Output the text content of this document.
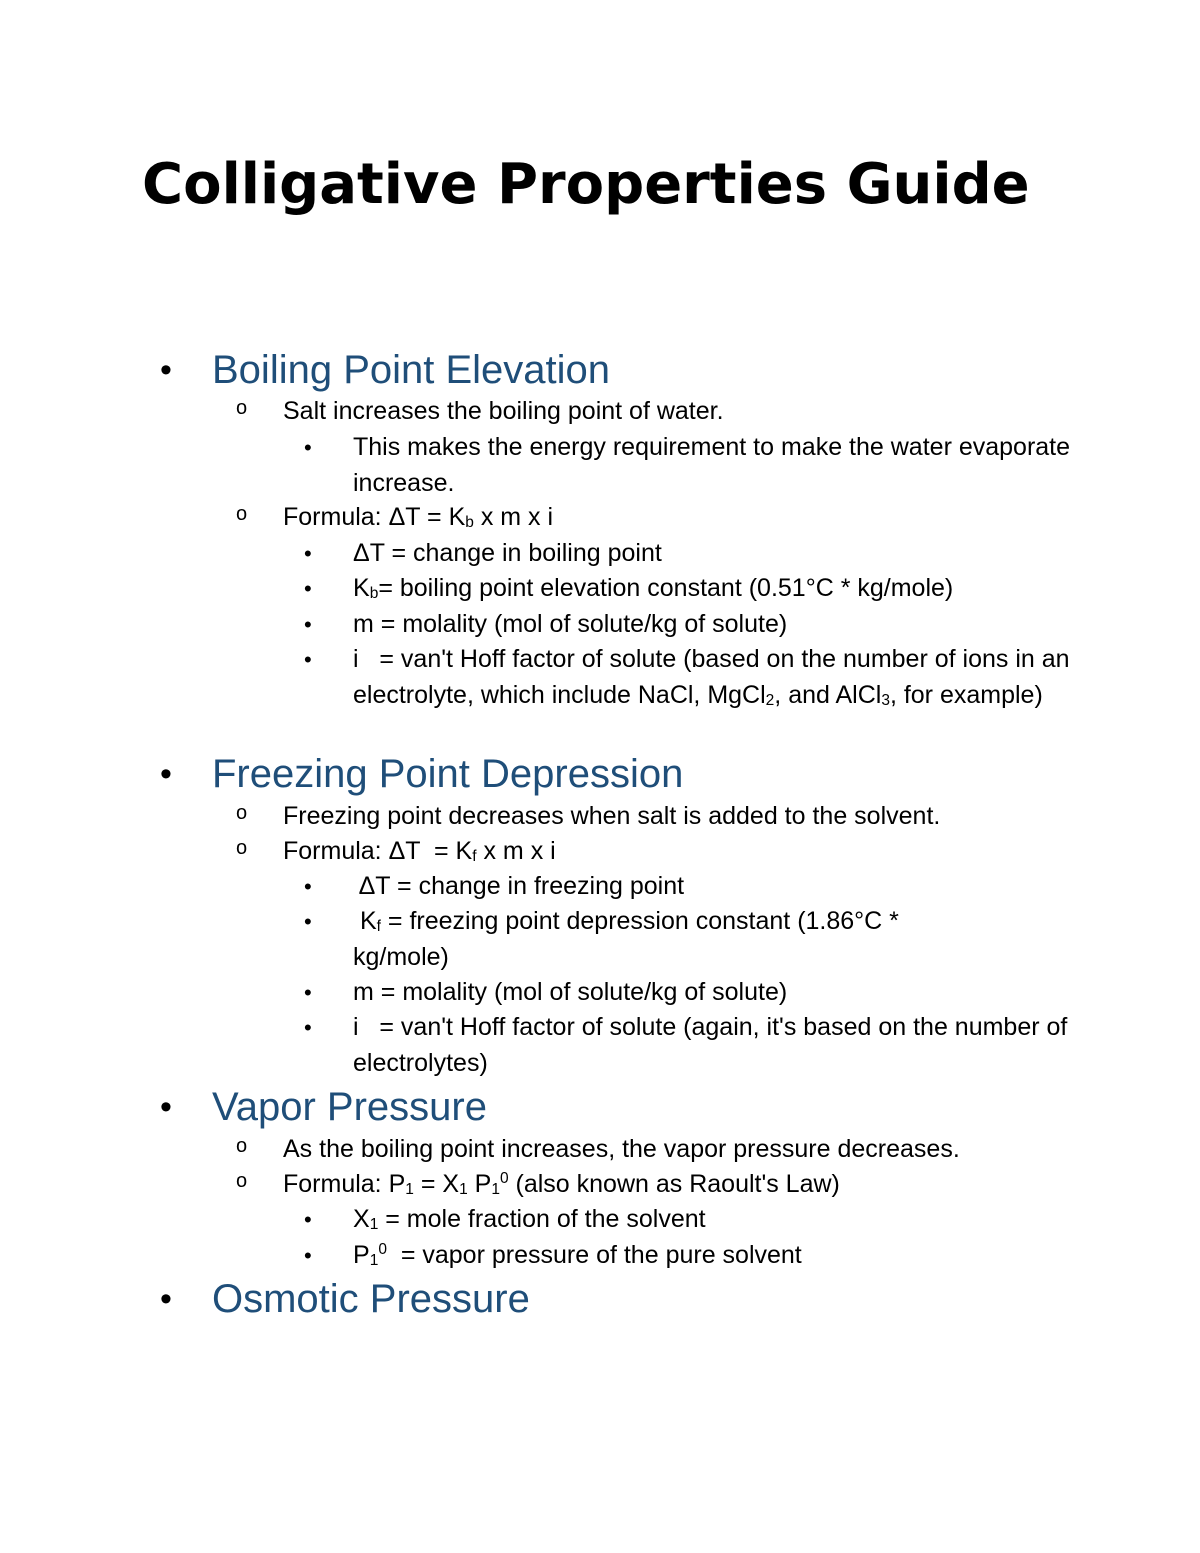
Colligative Properties Guide
• Boiling Point Elevation
o Salt increases the boiling point of water.
• This makes the energy requirement to make the water evaporate increase.
o Formula: $\Delta T = K_b$ x m x i
• ΔT = change in boiling point
• $K_b=$ boiling point elevation constant (0.51°C * kg/mole)
• m = molality (mol of solute/kg of solute)
• i   = van't Hoff factor of solute (based on the number of ions in an electrolyte, which include NaCl, MgCl$_2$, and AlCl$_3$, for example)
• Freezing Point Depression
o Freezing point decreases when salt is added to the solvent.
o Formula: $\Delta T = K_f$ x m x i
• ΔT = change in freezing point
• $K_f$ = freezing point depression constant (1.86°C * kg/mole)
• m = molality (mol of solute/kg of solute)
• i   = van't Hoff factor of solute (again, it's based on the number of electrolytes)
• Vapor Pressure
o As the boiling point increases, the vapor pressure decreases.
o Formula: $P_1 = X_1$ $P_1^0$ (also known as Raoult's Law)
• $X_1$ = mole fraction of the solvent
• $P_1^0$  = vapor pressure of the pure solvent
• Osmotic Pressure
